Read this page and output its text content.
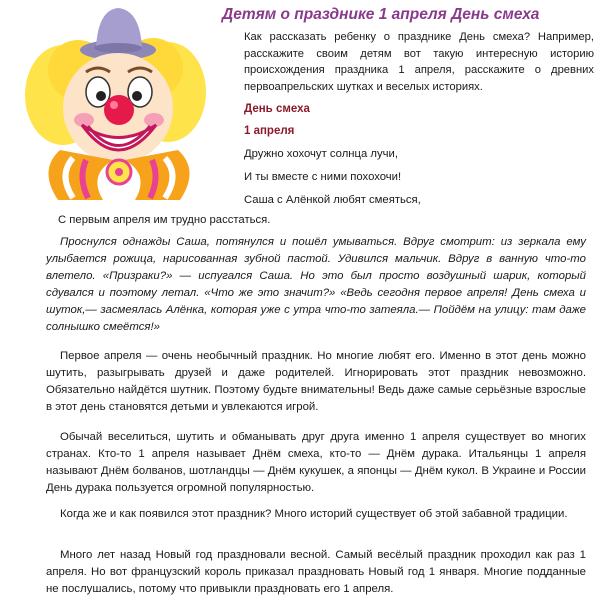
Детям о празднике 1 апреля День смеха
Как рассказать ребенку о празднике День смеха? Например, расскажите своим детям вот такую интересную историю происхождения праздника 1 апреля, расскажите о древних первоапрельских шутках и веселых историях.
День смеха
1 апреля
Дружно хохочут солнца лучи,
И ты вместе с ними похохочи!
Саша с Алёнкой любят смеяться,
С первым апреля им трудно расстаться.
Проснулся однажды Саша, потянулся и пошёл умываться. Вдруг смотрит: из зеркала ему улыбается рожица, нарисованная зубной пастой. Удивился мальчик. Вдруг в ванную что-то влетело. «Призраки?» — испугался Саша. Но это был просто воздушный шарик, который сдувался и поэтому летал. «Что же это значит?» «Ведь сегодня первое апреля! День смеха и шуток,— засмеялась Алёнка, которая уже с утра что-то затеяла.— Пойдём на улицу: там даже солнышко смеётся!»
Первое апреля — очень необычный праздник. Но многие любят его. Именно в этот день можно шутить, разыгрывать друзей и даже родителей. Игнорировать этот праздник невозможно. Обязательно найдётся шутник. Поэтому будьте внимательны! Ведь даже самые серьёзные взрослые в этот день становятся детьми и увлекаются игрой.
Обычай веселиться, шутить и обманывать друг друга именно 1 апреля существует во многих странах. Кто-то 1 апреля называет Днём смеха, кто-то — Днём дурака. Итальянцы 1 апреля называют Днём болванов, шотландцы — Днём кукушек, а японцы — Днём кукол. В Украине и России День дурака пользуется огромной популярностью.
Когда же и как появился этот праздник? Много историй существует об этой забавной традиции.
Много лет назад Новый год праздновали весной. Самый весёлый праздник проходил как раз 1 апреля. Но вот французский король приказал праздновать Новый год 1 января. Многие подданные не послушались, потому что привыкли праздновать его 1 апреля.
